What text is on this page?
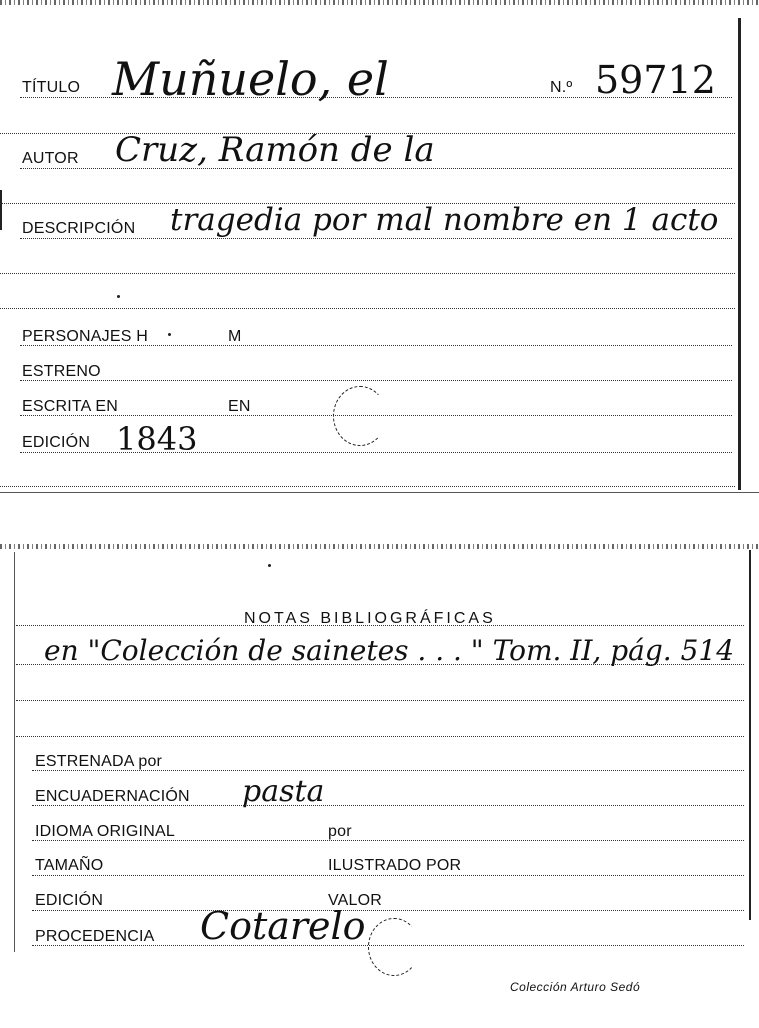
TÍTULO Muñuelo, el	N.º 59712
AUTOR Cruz, Ramón de la
DESCRIPCIÓN tragedia por mal nombre en 1 acto
PERSONAJES H	M
ESTRENO
ESCRITA EN	EN
EDICIÓN 1843
NOTAS BIBLIOGRÁFICAS
en "Colección de sainetes . . . " Tom. II, pág. 514
ESTRENADA por
ENCUADERNACIÓN pasta
IDIOMA ORIGINAL	por
TAMAÑO	ILUSTRADO POR
EDICIÓN	VALOR
PROCEDENCIA Cotarelo
Colección Arturo Sedó
